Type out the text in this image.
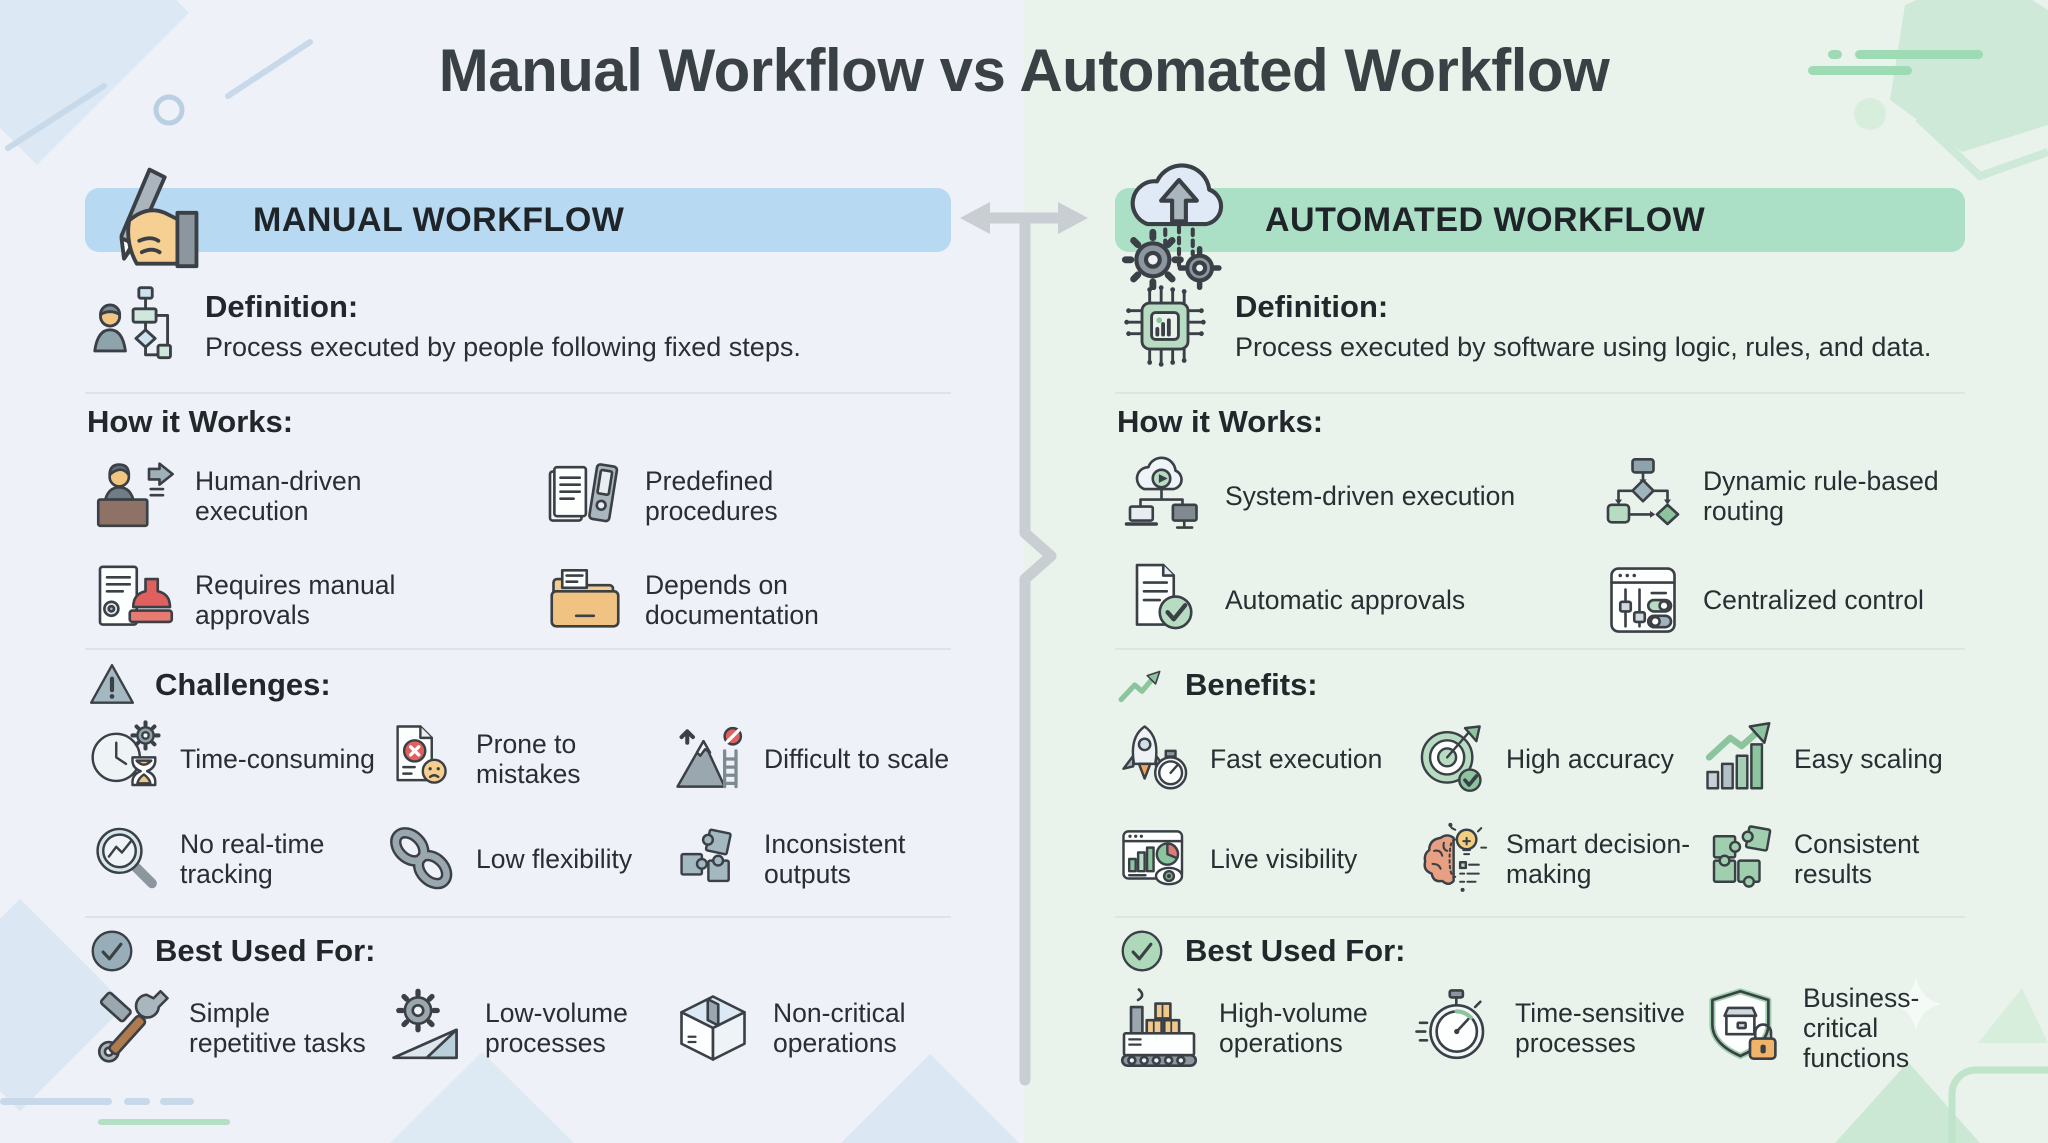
Manual Workflow vs Automated Workflow
MANUAL WORKFLOW
Definition:
Process executed by people following fixed steps.
How it Works:
Human-driven execution
Predefined procedures
Requires manual approvals
Depends on documentation
Challenges:
Time-consuming
Prone to mistakes
Difficult to scale
No real-time tracking
Low flexibility
Inconsistent outputs
Best Used For:
Simple repetitive tasks
Low-volume processes
Non-critical operations
AUTOMATED WORKFLOW
Definition:
Process executed by software using logic, rules, and data.
How it Works:
System-driven execution
Dynamic rule-based routing
Automatic approvals	Centralized control
Benefits:
Fast execution	High accuracy	Easy scaling
Live visibility
Smart decision-making
Consistent results
Best Used For:
High-volume operations
Time-sensitive processes
Business-critical functions
